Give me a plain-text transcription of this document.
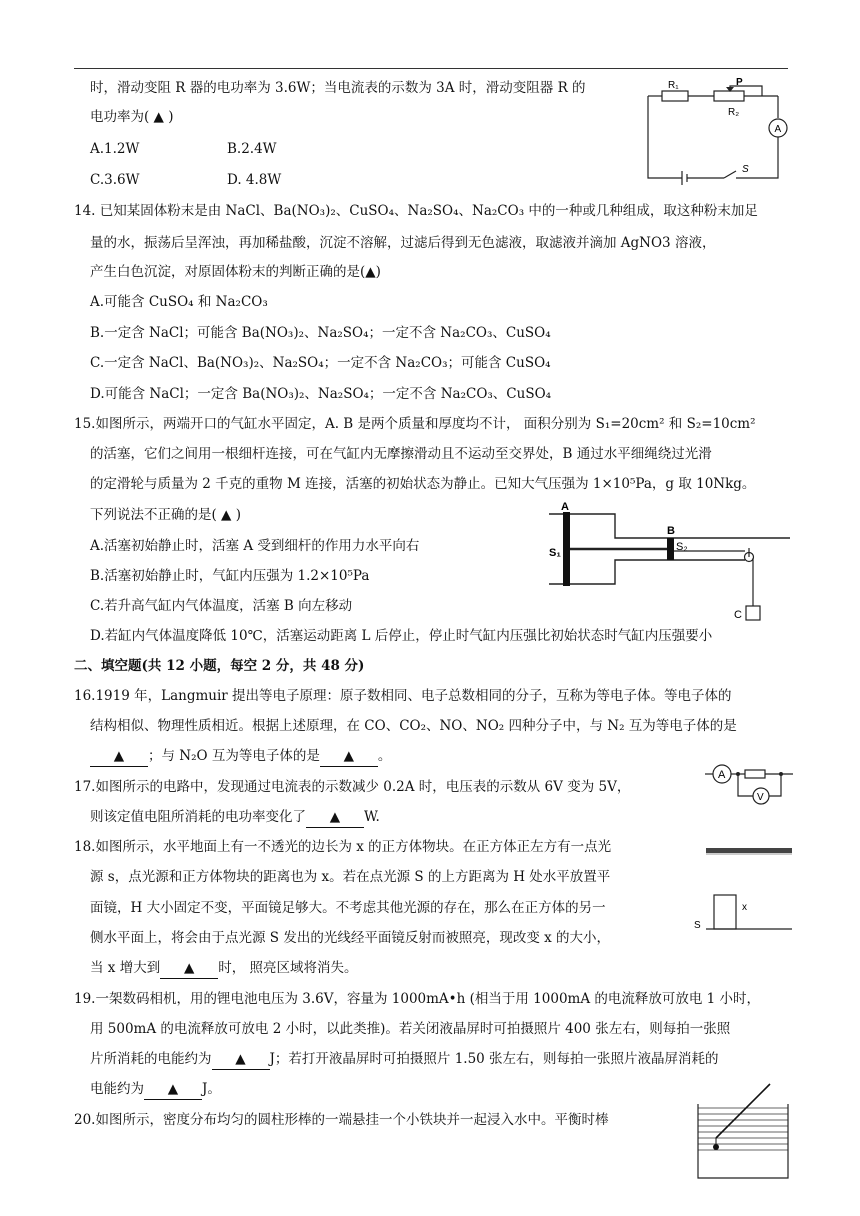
时，滑动变阻 R 器的电功率为 3.6W；当电流表的示数为 3A 时，滑动变阻器 R 的
电功率为( ▲ )
A.1.2W	B.2.4W
C.3.6W	D. 4.8W
R₁	P
R₂
A
S
14. 已知某固体粉末是由 NaCl、Ba(NO₃)₂、CuSO₄、Na₂SO₄、Na₂CO₃ 中的一种或几种组成，取这种粉末加足
量的水，振荡后呈浑浊，再加稀盐酸，沉淀不溶解，过滤后得到无色滤液，取滤液并滴加 AgNO3 溶液，
产生白色沉淀，对原固体粉末的判断正确的是(▲)
A.可能含 CuSO₄ 和 Na₂CO₃
B.一定含 NaCl；可能含 Ba(NO₃)₂、Na₂SO₄；一定不含 Na₂CO₃、CuSO₄
C.一定含 NaCl、Ba(NO₃)₂、Na₂SO₄；一定不含 Na₂CO₃；可能含 CuSO₄
D.可能含 NaCl；一定含 Ba(NO₃)₂、Na₂SO₄；一定不含 Na₂CO₃、CuSO₄
15.如图所示，两端开口的气缸水平固定，A. B 是两个质量和厚度均不计， 面积分别为 S₁=20cm² 和 S₂=10cm²
的活塞，它们之间用一根细杆连接，可在气缸内无摩擦滑动且不运动至交界处，B 通过水平细绳绕过光滑
的定滑轮与质量为 2 千克的重物 M 连接，活塞的初始状态为静止。已知大气压强为 1×10⁵Pa，g 取 10Nkg。
下列说法不正确的是( ▲ )
A.活塞初始静止时，活塞 A 受到细杆的作用力水平向右
B.活塞初始静止时，气缸内压强为 1.2×10⁵Pa
C.若升高气缸内气体温度，活塞 B 向左移动
D.若缸内气体温度降低 10℃，活塞运动距离 L 后停止，停止时气缸内压强比初始状态时气缸内压强要小
A
S₁
B
S₂
C
二、填空题(共 12 小题，每空 2 分，共 48 分)
16.1919 年，Langmuir 提出等电子原理：原子数相同、电子总数相同的分子，互称为等电子体。等电子体的
结构相似、物理性质相近。根据上述原理，在 CO、CO₂、NO、NO₂ 四种分子中，与 N₂ 互为等电子体的是
▲ ；与 N₂O 互为等电子体的是 ▲ 。
17.如图所示的电路中，发现通过电流表的示数减少 0.2A 时，电压表的示数从 6V 变为 5V，
则该定值电阻所消耗的电功率变化了 ▲ W.
A
V
18.如图所示，水平地面上有一不透光的边长为 x 的正方体物块。在正方体正左方有一点光
源 s，点光源和正方体物块的距离也为 x。若在点光源 S 的上方距离为 H 处水平放置平
面镜，H 大小固定不变，平面镜足够大。不考虑其他光源的存在，那么在正方体的另一
侧水平面上，将会由于点光源 S 发出的光线经平面镜反射而被照亮，现改变 x 的大小，
当 x 增大到 ▲ 时， 照亮区域将消失。
S
x
19.一架数码相机，用的锂电池电压为 3.6V，容量为 1000mA•h (相当于用 1000mA 的电流释放可放电 1 小时，
用 500mA 的电流释放可放电 2 小时，以此类推)。若关闭液晶屏时可拍摄照片 400 张左右，则每拍一张照
片所消耗的电能约为 ▲ J；若打开液晶屏时可拍摄照片 1.50 张左右，则每拍一张照片液晶屏消耗的
电能约为 ▲ J。
20.如图所示，密度分布均匀的圆柱形棒的一端悬挂一个小铁块并一起浸入水中。平衡时棒
